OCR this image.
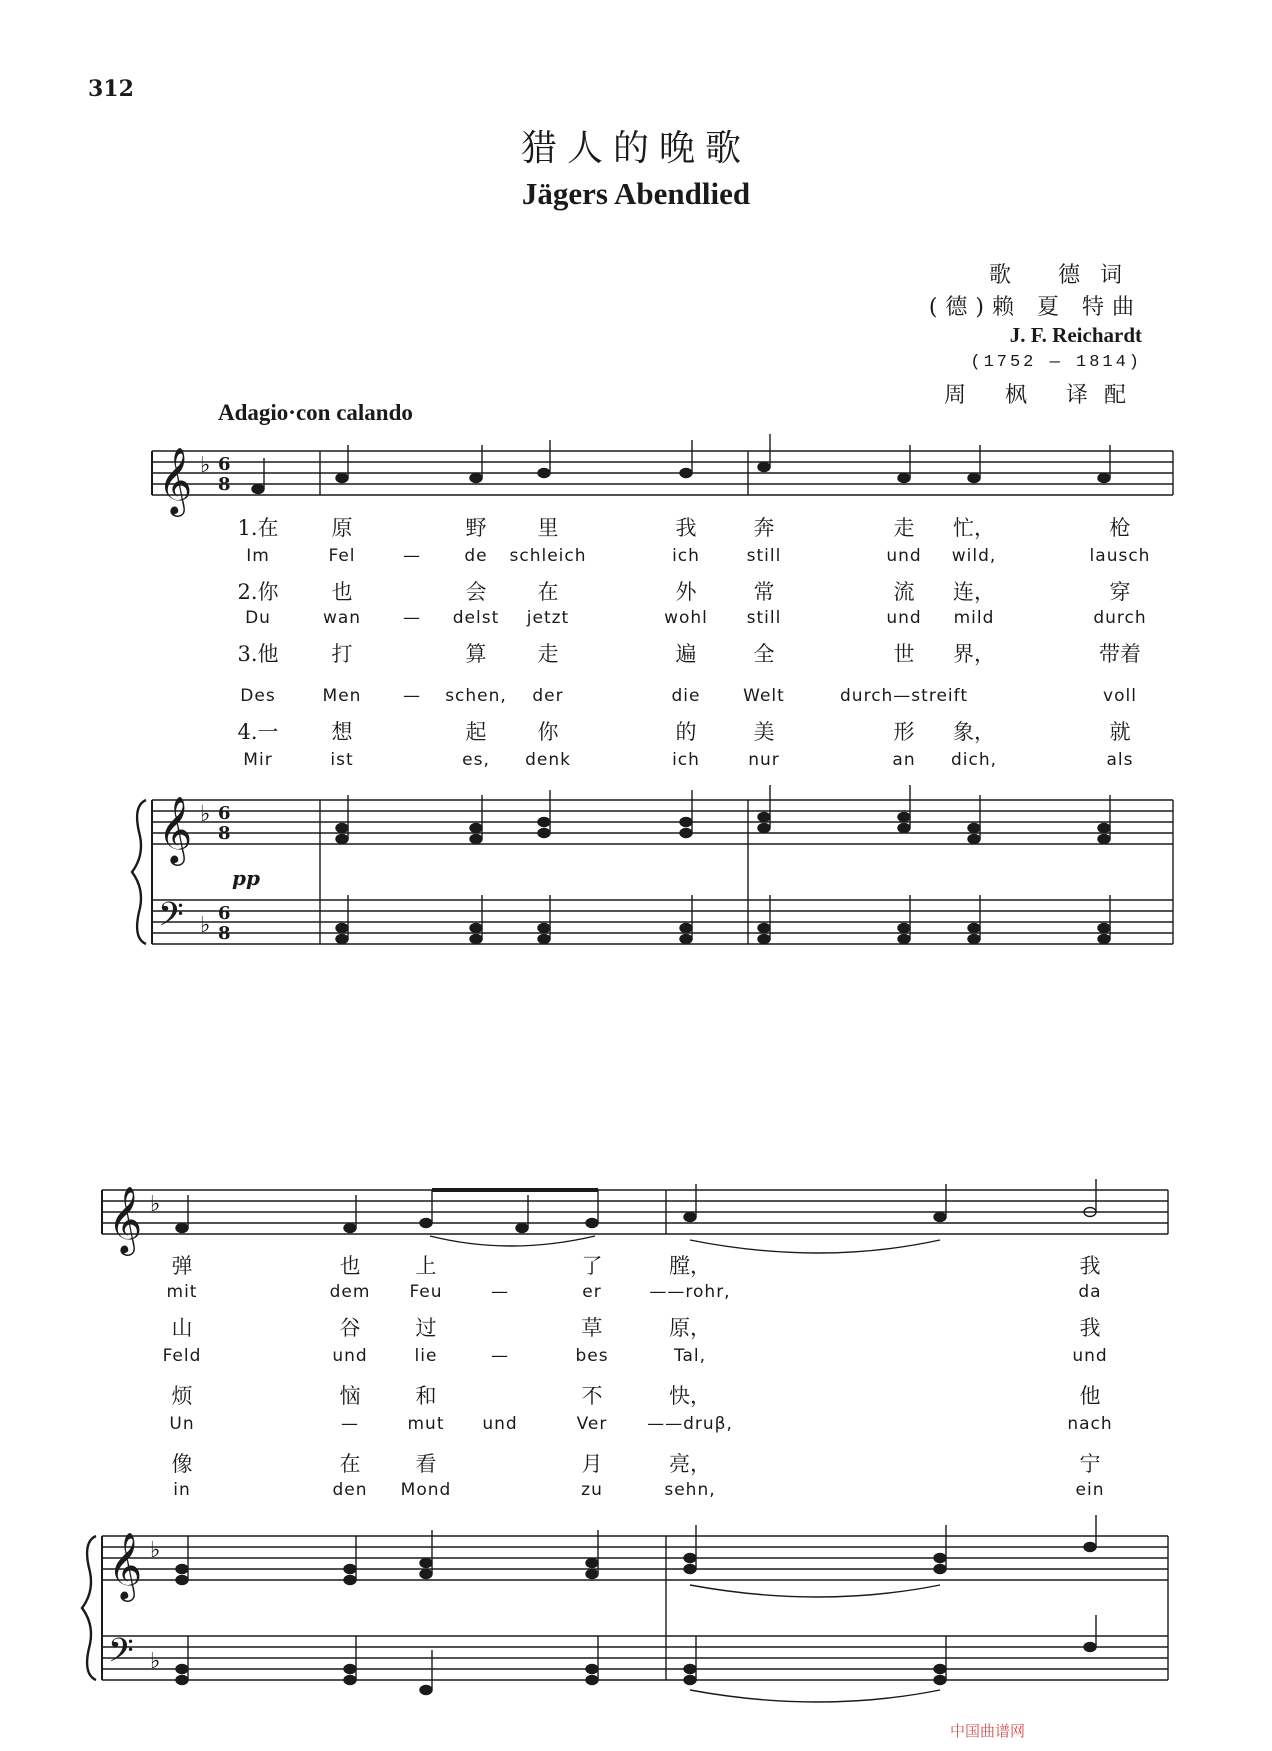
312
猎人的晚歌
Jägers Abendlied
歌 德词
(德)赖 夏 特曲
J. F. Reichardt
(1752 — 1814)
周 枫 译配
Adagio·con calando
pp
𝄞 ♭ 6
8
𝄞 ♭ 6
8
𝄢 ♭ 6
8
𝄞 ♭
𝄞 ♭
𝄢 ♭
1.在	原	野 里	我	奔	走 忙，	枪
Im	Fel	—	de schleich	ich	still	und wild,	lausch
2.你	也	会 在	外	常	流 连，	穿
Du	wan — delst jetzt	wohl still	und mild	durch
3.他	打	算 走	遍	全	世 界，	带着
Des	Men — schen, der	die	Welt	durch—streift	voll
4.一	想	起 你	的	美	形 象，	就
Mir	ist	es, denk	ich	nur	an dich,	als
弹	也	上	了	膛，	我
mit	dem Feu	—	er	——rohr,	da
山	谷	过	草	原，	我
Feld	und	lie	—	bes	Tal,	und
烦	恼	和	不	快，	他
Un	—	mut und	Ver ——druβ,	nach
像	在	看	月	亮，	宁
in	den Mond	zu	sehn,	ein
中国曲谱网
